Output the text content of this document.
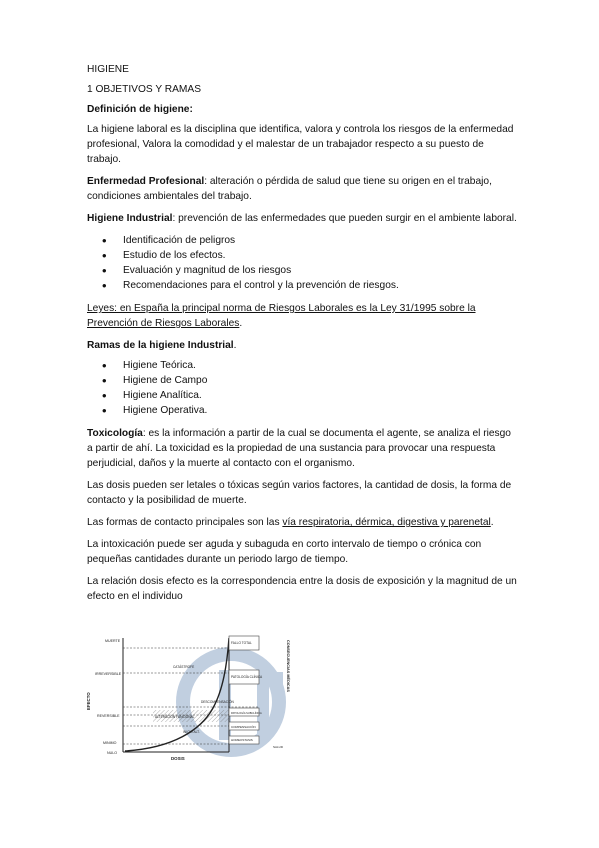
HIGIENE

1 OBJETIVOS Y RAMAS

Definición de higiene:

La higiene laboral es la disciplina que identifica, valora y controla los riesgos de la enfermedad profesional, Valora la comodidad y el malestar de un trabajador respecto a su puesto de trabajo.

Enfermedad Profesional: alteración o pérdida de salud que tiene su origen en el trabajo, condiciones ambientales del trabajo.

Higiene Industrial: prevención de las enfermedades que pueden surgir en el ambiente laboral.

• Identificación de peligros
• Estudio de los efectos.
• Evaluación y magnitud de los riesgos
• Recomendaciones para el control y la prevención de riesgos.

Leyes: en España la principal norma de Riesgos Laborales es la Ley 31/1995 sobre la Prevención de Riesgos Laborales.

Ramas de la higiene Industrial.

• Higiene Teórica.
• Higiene de Campo
• Higiene Analítica.
• Higiene Operativa.

Toxicología: es la información a partir de la cual se documenta el agente, se analiza el riesgo a partir de ahí. La toxicidad es la propiedad de una sustancia para provocar una respuesta perjudicial, daños y la muerte al contacto con el organismo.

Las dosis pueden ser letales o tóxicas según varios factores, la cantidad de dosis, la forma de contacto y la posibilidad de muerte.

Las formas de contacto principales son las vía respiratoria, dérmica, digestiva y parenetal.

La intoxicación puede ser aguda y subaguda en corto intervalo de tiempo o crónica con pequeñas cantidades durante un periodo largo de tiempo.

La relación dosis efecto es la correspondencia entre la dosis de exposición y la magnitud de un efecto en el individuo

MUERTE
IRREVERSIBLE
REVERSIBLE
MINIMO
NULO
EFECTO
DOSIS
CATÁSTROFE
ALTERACIÓN FUNCIONAL
DESCOMPENSACIÓN
INICIO ALT.
FALLO TOTAL
PATOLOGÍA CLÍNICA
PATOLOGÍA SUBCLÍNICA
COMPENSACIÓN
HOMEOSTASIS
SALUD
CONSECUENCIAS MÉDICAS
